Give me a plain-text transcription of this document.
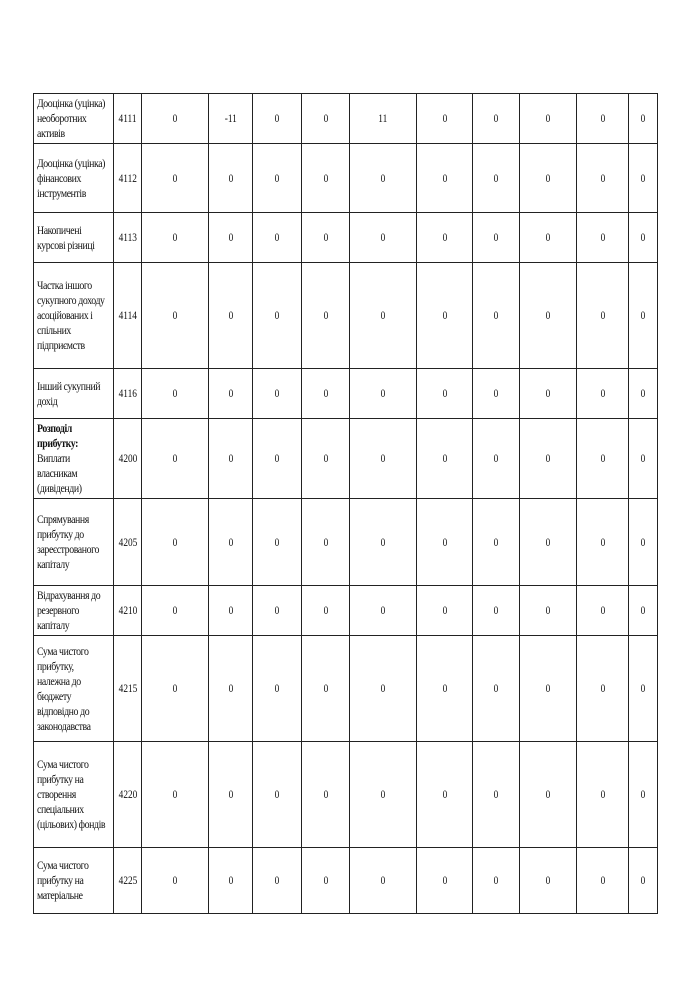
Дооцінка (уцінка) необоротних активів	4111	0	-11	0	0	11	0	0	0	0	0
Дооцінка (уцінка) фінансових інструментів	4112	0	0	0	0	0	0	0	0	0	0
Накопичені курсові різниці	4113	0	0	0	0	0	0	0	0	0	0
Частка іншого сукупного доходу асоційованих і спільних підприємств	4114	0	0	0	0	0	0	0	0	0	0
Інший сукупний дохід	4116	0	0	0	0	0	0	0	0	0	0
Розподіл прибутку: Виплати власникам (дивіденди)	4200	0	0	0	0	0	0	0	0	0	0
Спрямування прибутку до зареєстрованого капіталу	4205	0	0	0	0	0	0	0	0	0	0
Відрахування до резервного капіталу	4210	0	0	0	0	0	0	0	0	0	0
Сума чистого прибутку, належна до бюджету відповідно до законодавства	4215	0	0	0	0	0	0	0	0	0	0
Сума чистого прибутку на створення спеціальних (цільових) фондів	4220	0	0	0	0	0	0	0	0	0	0
Сума чистого прибутку на матеріальне	4225	0	0	0	0	0	0	0	0	0	0
